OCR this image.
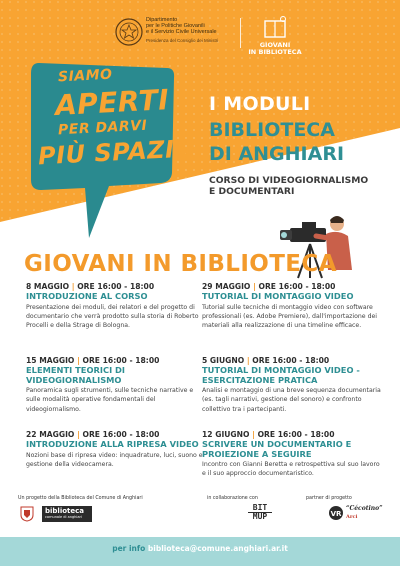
Dipartimento
per le Politiche Giovanili
e il Servizio Civile Universale
Presidenza del Consiglio dei Ministri
GIOVANI
IN BIBLIOTECA
SIAMO
APERTI
PER DARVI
PIÙ SPAZIO.
I MODULI
BIBLIOTECA
DI ANGHIARI
CORSO DI VIDEOGIORNALISMO
E DOCUMENTARI
GIOVANI IN BIBLIOTECA
8 MAGGIO | ORE 16:00 - 18:00
INTRODUZIONE AL CORSO
Presentazione dei moduli, dei relatori e del progetto di documentario che verrà prodotto sulla storia di Roberto Procelli e della Strage di Bologna.
15 MAGGIO | ORE 16:00 - 18:00
ELEMENTI TEORICI DI VIDEOGIORNALISMO
Panoramica sugli strumenti, sulle tecniche narrative e sulle modalità operative fondamentali del videogiornalismo.
22 MAGGIO | ORE 16:00 - 18:00
INTRODUZIONE ALLA RIPRESA VIDEO
Nozioni base di ripresa video: inquadrature, luci, suono e gestione della videocamera.
29 MAGGIO | ORE 16:00 - 18:00
TUTORIAL DI MONTAGGIO VIDEO
Tutorial sulle tecniche di montaggio video con software professionali (es. Adobe Premiere), dall'importazione dei materiali alla realizzazione di una timeline efficace.
5 GIUGNO | ORE 16:00 - 18:00
TUTORIAL DI MONTAGGIO VIDEO - ESERCITAZIONE PRATICA
Analisi e montaggio di una breve sequenza documentaria (es. tagli narrativi, gestione del sonoro) e confronto collettivo tra i partecipanti.
12 GIUGNO | ORE 16:00 - 18:00
SCRIVERE UN DOCUMENTARIO E PROIEZIONE A SEGUIRE
Incontro con Gianni Beretta e retrospettiva sul suo lavoro e il suo approccio documentaristico.
Un progetto della Biblioteca del Comune di Anghiari	in collaborazione con	partner di progetto
biblioteca
comunale di anghiari
BIT
MUP	VR
“Cécotino”
Arci
per info biblioteca@comune.anghiari.ar.it
